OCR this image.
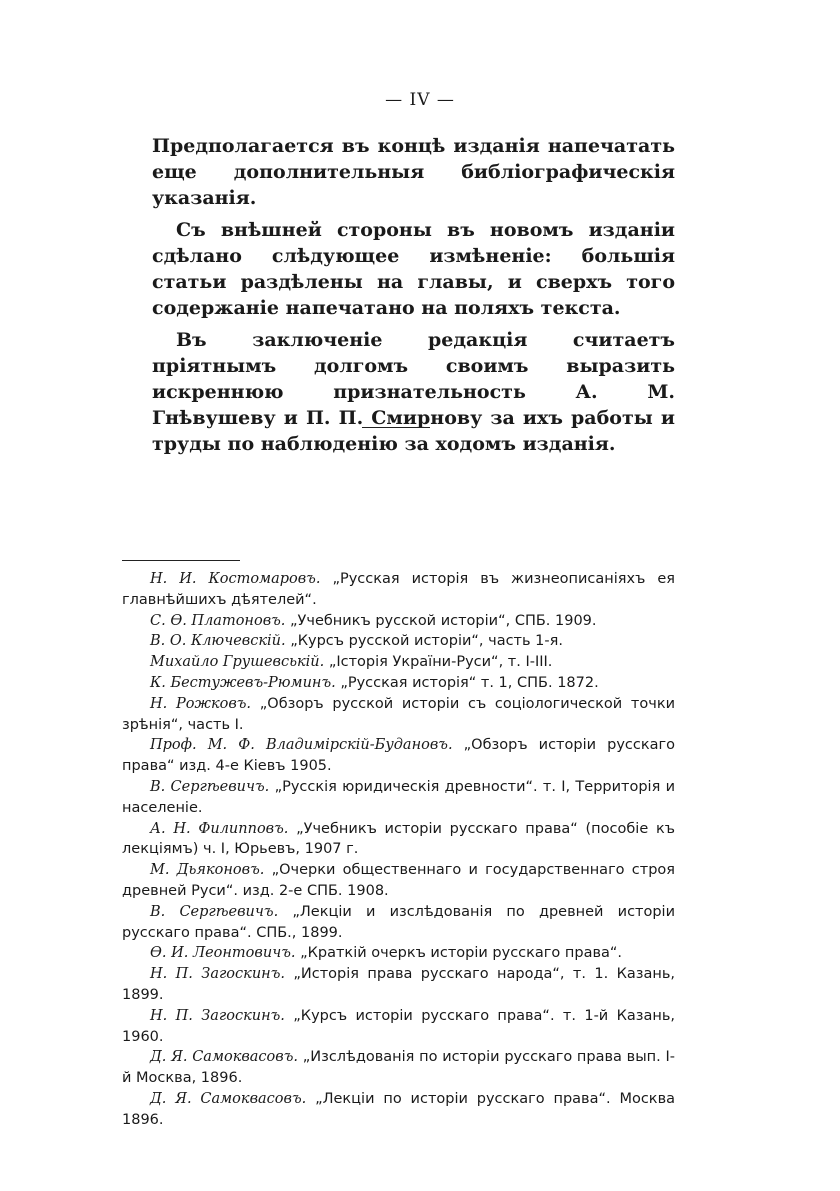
— IV —

Предполагается въ концѣ изданія напечатать еще дополнительныя библіографическія указанія.

Съ внѣшней стороны въ новомъ изданіи сдѣлано слѣдующее измѣненіе: большія статьи раздѣлены на главы, и сверхъ того содержаніе напечатано на поляхъ текста.

Въ заключеніе редакція считаетъ пріятнымъ долгомъ своимъ выразить искреннюю признательность А. М. Гнѣвушеву и П. П. Смирнову за ихъ работы и труды по наблюденію за ходомъ изданія.

Н. И. Костомаровъ. „Русская исторія въ жизнеописаніяхъ ея главнѣйшихъ дѣятелей“.

С. Ѳ. Платоновъ. „Учебникъ русской исторіи“, СПБ. 1909.

В. О. Ключевскій. „Курсъ русской исторіи“, часть 1-я.

Михайло Грушевській. „Історія України-Руси“, т. I-III.

К. Бестужевъ-Рюминъ. „Русская исторія“ т. 1, СПБ. 1872.

Н. Рожковъ. „Обзоръ русской исторіи съ соціологической точки зрѣнія“, часть I.

Проф. М. Ф. Владимірскій-Будановъ. „Обзоръ исторіи русскаго права“ изд. 4-е Кіевъ 1905.

В. Сергѣевичъ. „Русскія юридическія древности“. т. I, Территорія и населеніе.

А. Н. Филипповъ. „Учебникъ исторіи русскаго права“ (пособіе къ лекціямъ) ч. I, Юрьевъ, 1907 г.

М. Дьяконовъ. „Очерки общественнаго и государственнаго строя древней Руси“. изд. 2-е СПБ. 1908.

В. Сергѣевичъ. „Лекціи и изслѣдованія по древней исторіи русскаго права“. СПБ., 1899.

Ѳ. И. Леонтовичъ. „Краткій очеркъ исторіи русскаго права“.

Н. П. Загоскинъ. „Исторія права русскаго народа“, т. 1. Казань, 1899.

Н. П. Загоскинъ. „Курсъ исторіи русскаго права“. т. 1-й Казань, 1960.

Д. Я. Самоквасовъ. „Изслѣдованія по исторіи русскаго права вып. I-й Москва, 1896.

Д. Я. Самоквасовъ. „Лекціи по исторіи русскаго права“. Москва 1896.
